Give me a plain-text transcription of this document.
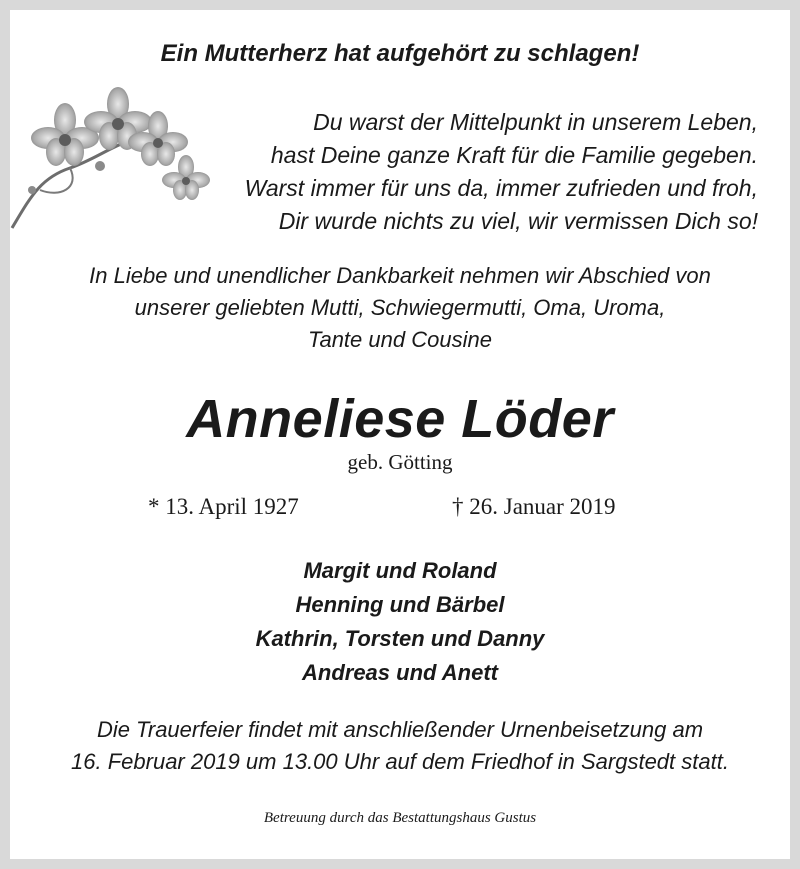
Ein Mutterherz hat aufgehört zu schlagen!
Du warst der Mittelpunkt in unserem Leben,
hast Deine ganze Kraft für die Familie gegeben.
Warst immer für uns da, immer zufrieden und froh,
Dir wurde nichts zu viel, wir vermissen Dich so!
In Liebe und unendlicher Dankbarkeit nehmen wir Abschied von
unserer geliebten Mutti, Schwiegermutti, Oma, Uroma,
Tante und Cousine
Anneliese Löder
geb. Götting
* 13. April 1927	† 26. Januar 2019
Margit und Roland
Henning und Bärbel
Kathrin, Torsten und Danny
Andreas und Anett
Die Trauerfeier findet mit anschließender Urnenbeisetzung am
16. Februar 2019 um 13.00 Uhr auf dem Friedhof in Sargstedt statt.
Betreuung durch das Bestattungshaus Gustus
